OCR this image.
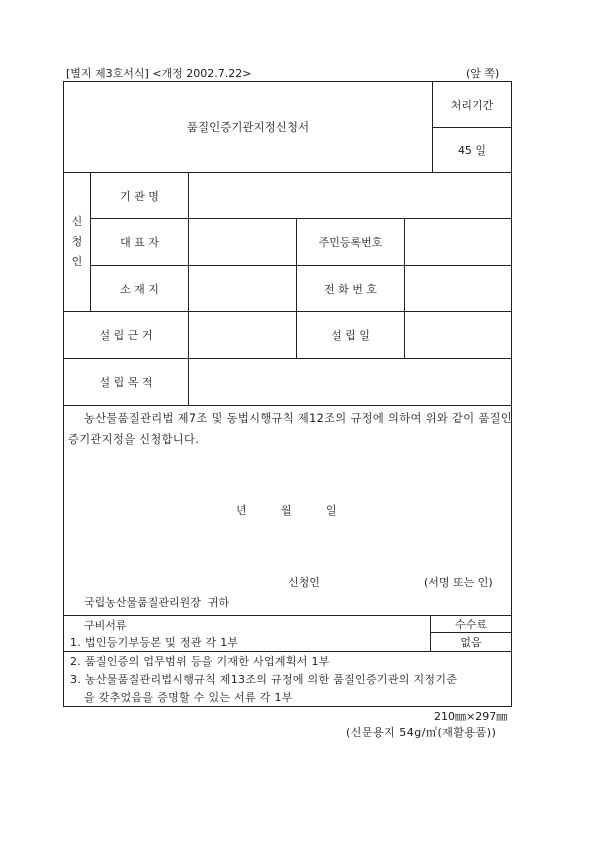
[별지 제3호서식] <개정 2002.7.22>	(앞 쪽)
품질인증기관지정신청서
처리기간
45 일
신
청
인
기 관 명
대 표 자	주민등록번호
소 재 지	전 화 번 호
설 립 근 거	설 립 일
설 립 목 적
농산물품질관리법 제7조 및 동법시행규칙 제12조의 규정에 의하여 위와 같이 품질인증기관지정을 신청합니다.
년	월	일
신청인	(서명 또는 인)
국립농산물품질관리원장  귀하
구비서류	수수료
없음
1. 법인등기부등본 및 정관 각 1부
2. 품질인증의 업무범위 등을 기재한 사업계획서 1부
3. 농산물품질관리법시행규칙 제13조의 규정에 의한 품질인증기관의 지정기준
을 갖추었음을 증명할 수 있는 서류 각 1부
210㎜×297㎜
(신문용지 54g/㎡(재활용품))
